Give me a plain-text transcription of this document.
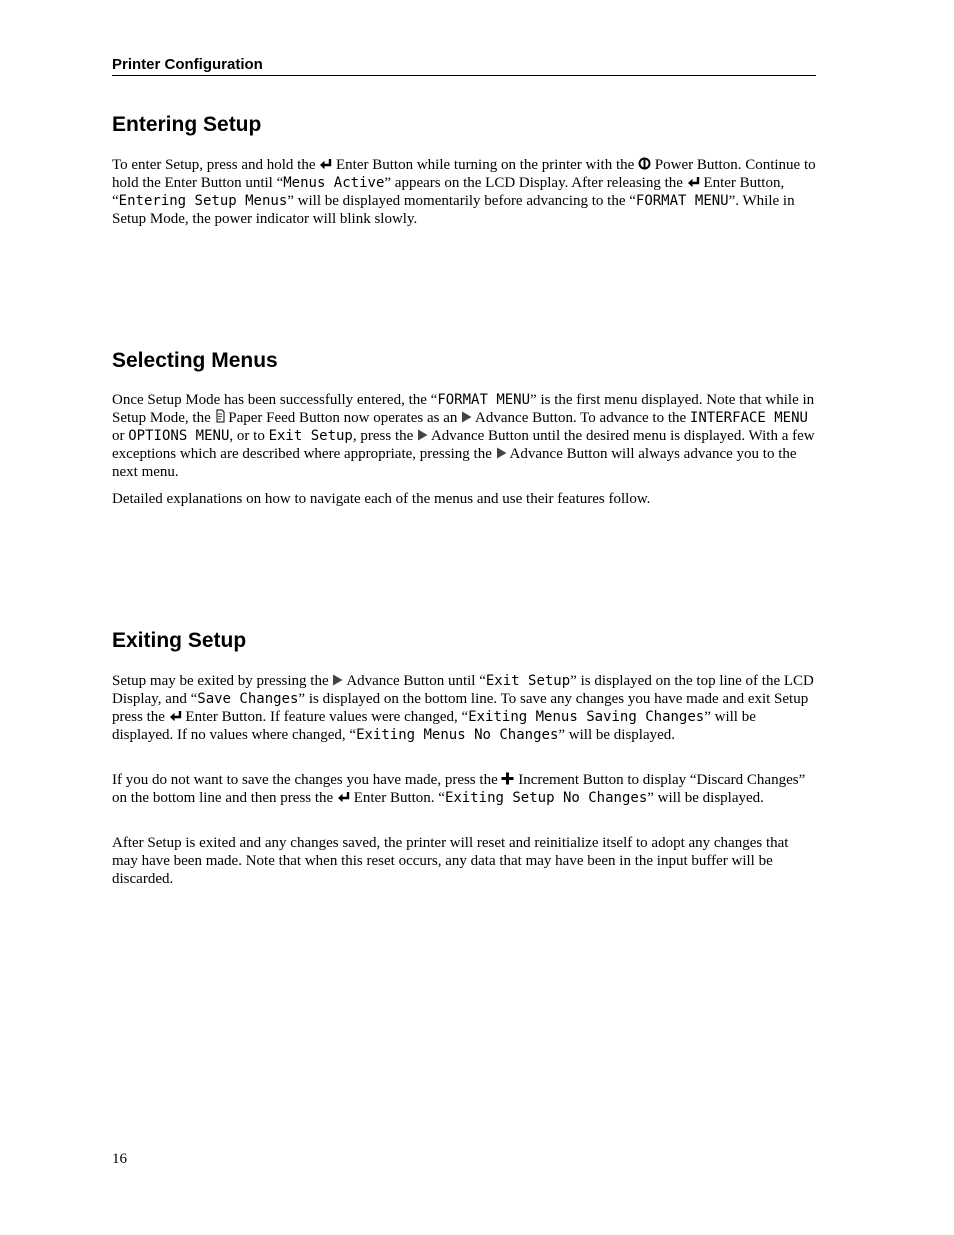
Printer Configuration
Entering Setup

To enter Setup, press and hold the
Enter Button while turning on the printer with the
Power Button. Continue to hold the Enter Button until “Menus Active” appears on the LCD Display. After releasing the
Enter Button, “Entering Setup Menus” will be displayed momentarily before advancing to the “FORMAT MENU”. While in Setup Mode, the power indicator will blink slowly.

Selecting Menus

Once Setup Mode has been successfully entered, the “FORMAT MENU” is the first menu displayed. Note that while in Setup Mode, the
Paper Feed Button now operates as an
Advance Button. To advance to the INTERFACE MENU or OPTIONS MENU, or to Exit Setup, press the
Advance Button until the desired menu is displayed. With a few exceptions which are described where appropriate, pressing the
Advance Button will always advance you to the next menu.

Detailed explanations on how to navigate each of the menus and use their features follow.

Exiting Setup

Setup may be exited by pressing the
Advance Button until “Exit Setup” is displayed on the top line of the LCD Display, and “Save Changes” is displayed on the bottom line. To save any changes you have made and exit Setup press the
Enter Button. If feature values were changed, “Exiting Menus Saving Changes” will be displayed. If no values where changed, “Exiting Menus No Changes” will be displayed.

If you do not want to save the changes you have made, press the
Increment Button to display “Discard Changes” on the bottom line and then press the
Enter Button. “Exiting Setup No Changes” will be displayed.

After Setup is exited and any changes saved, the printer will reset and reinitialize itself to adopt any changes that may have been made. Note that when this reset occurs, any data that may have been in the input buffer will be discarded.

16
